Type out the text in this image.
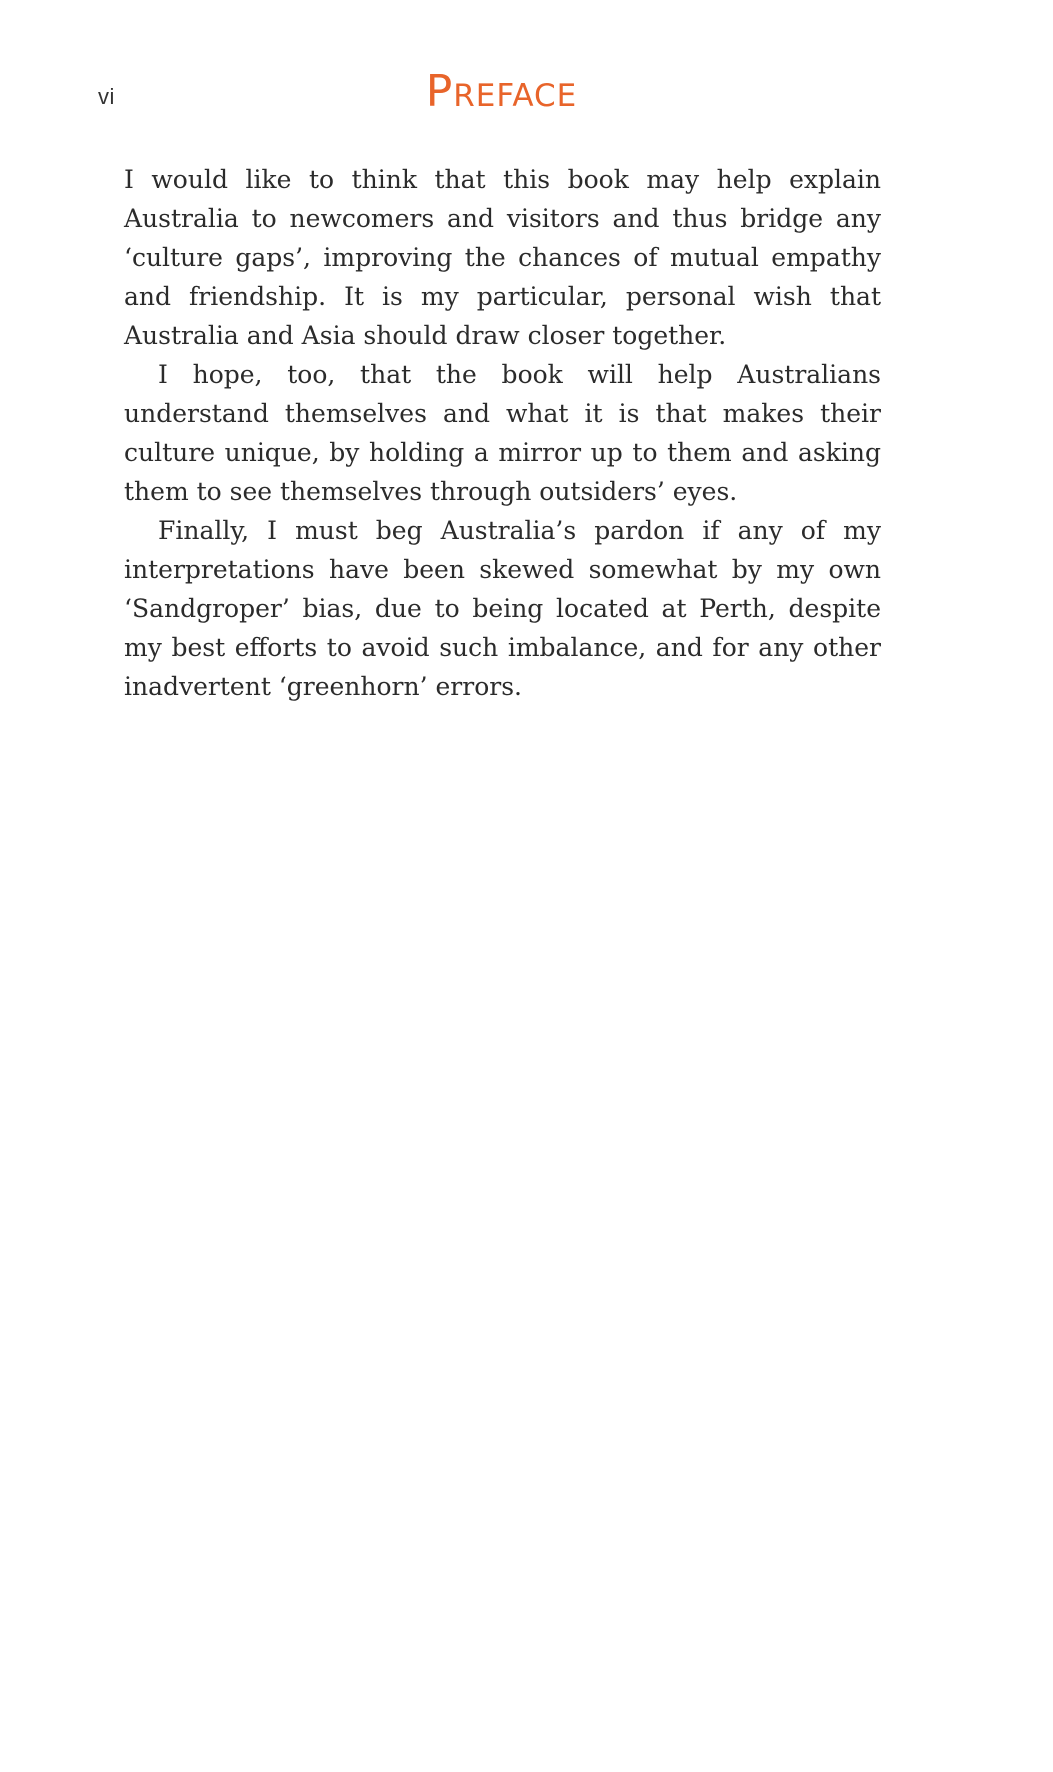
vi	Preface

I would like to think that this book may help explain Australia to newcomers and visitors and thus bridge any ‘culture gaps’, improving the chances of mutual empathy and friendship. It is my particular, personal wish that Australia and Asia should draw closer together.

I hope, too, that the book will help Australians understand themselves and what it is that makes their culture unique, by holding a mirror up to them and asking them to see themselves through outsiders’ eyes.

Finally, I must beg Australia’s pardon if any of my interpretations have been skewed somewhat by my own ‘Sandgroper’ bias, due to being located at Perth, despite my best efforts to avoid such imbalance, and for any other inadvertent ‘greenhorn’ errors.
